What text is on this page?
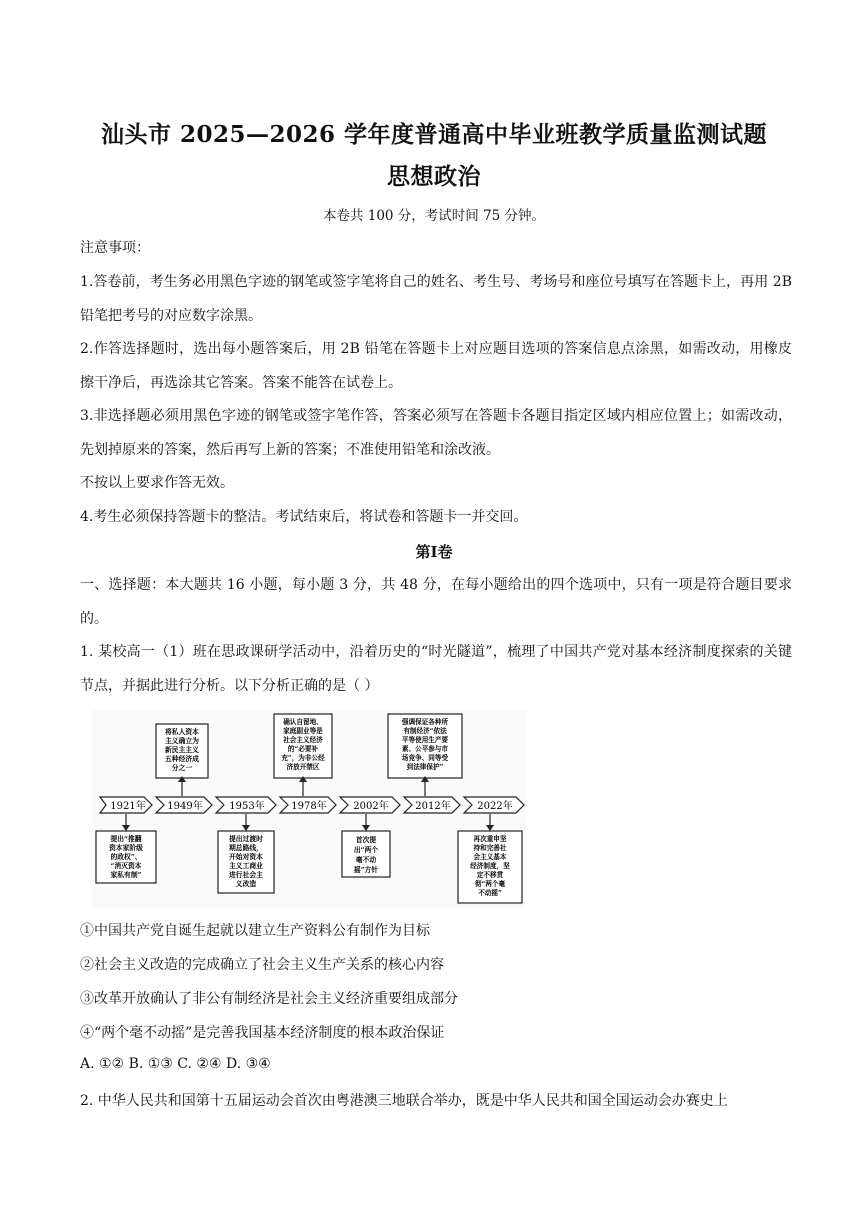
汕头市 2025—2026 学年度普通高中毕业班教学质量监测试题
思想政治
本卷共 100 分，考试时间 75 分钟。
注意事项：
1.答卷前，考生务必用黑色字迹的钢笔或签字笔将自己的姓名、考生号、考场号和座位号填写在答题卡上，再用 2B 铅笔把考号的对应数字涂黑。
2.作答选择题时，选出每小题答案后，用 2B 铅笔在答题卡上对应题目选项的答案信息点涂黑，如需改动，用橡皮擦干净后，再选涂其它答案。答案不能答在试卷上。
3.非选择题必须用黑色字迹的钢笔或签字笔作答，答案必须写在答题卡各题目指定区域内相应位置上；如需改动，先划掉原来的答案，然后再写上新的答案；不准使用铅笔和涂改液。
不按以上要求作答无效。
4.考生必须保持答题卡的整洁。考试结束后，将试卷和答题卡一并交回。
第Ⅰ卷
一、选择题：本大题共 16 小题，每小题 3 分，共 48 分，在每小题给出的四个选项中，只有一项是符合题目要求的。
1. 某校高一（1）班在思政课研学活动中，沿着历史的“时光隧道”，梳理了中国共产党对基本经济制度探索的关键节点，并据此进行分析。以下分析正确的是（ ）
1921年 1949年	1953年	1978年	2002年	2012年	2022年
将私人资本
主义确立为
新民主主义
五种经济成
分之一
确认自留地、
家庭副业等是
社会主义经济
的“必要补
充”，为非公经
济放开禁区
强调保证各种所
有制经济“依法
平等使用生产要
素、公平参与市
场竞争、同等受
到法律保护”
提出“推翻
资本家阶级
的政权”、
“消灭资本
家私有制”
提出过渡时
期总路线，
开始对资本
主义工商业
进行社会主
义改造
首次提
出“两个
毫不动
摇”方针
再次重申坚
持和完善社
会主义基本
经济制度，坚
定不移贯
彻“两个毫
不动摇”
①中国共产党自诞生起就以建立生产资料公有制作为目标
②社会主义改造的完成确立了社会主义生产关系的核心内容
③改革开放确认了非公有制经济是社会主义经济重要组成部分
④“两个毫不动摇”是完善我国基本经济制度的根本政治保证
A. ①② B. ①③ C. ②④ D. ③④
2. 中华人民共和国第十五届运动会首次由粤港澳三地联合举办，既是中华人民共和国全国运动会办赛史上
